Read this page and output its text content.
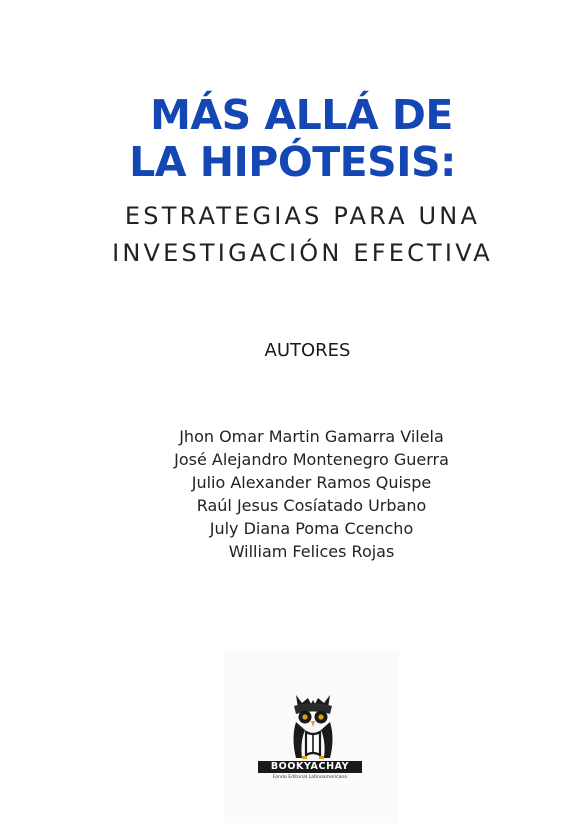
MÁS ALLÁ DE
LA HIPÓTESIS:
ESTRATEGIAS PARA UNA
INVESTIGACIÓN EFECTIVA
AUTORES
Jhon Omar Martin Gamarra Vilela
José Alejandro Montenegro Guerra
Julio Alexander Ramos Quispe
Raúl Jesus Cosíatado Urbano
July Diana Poma Ccencho
William Felices Rojas
BOOKYACHAY
Fondo Editorial Latinoamericano
